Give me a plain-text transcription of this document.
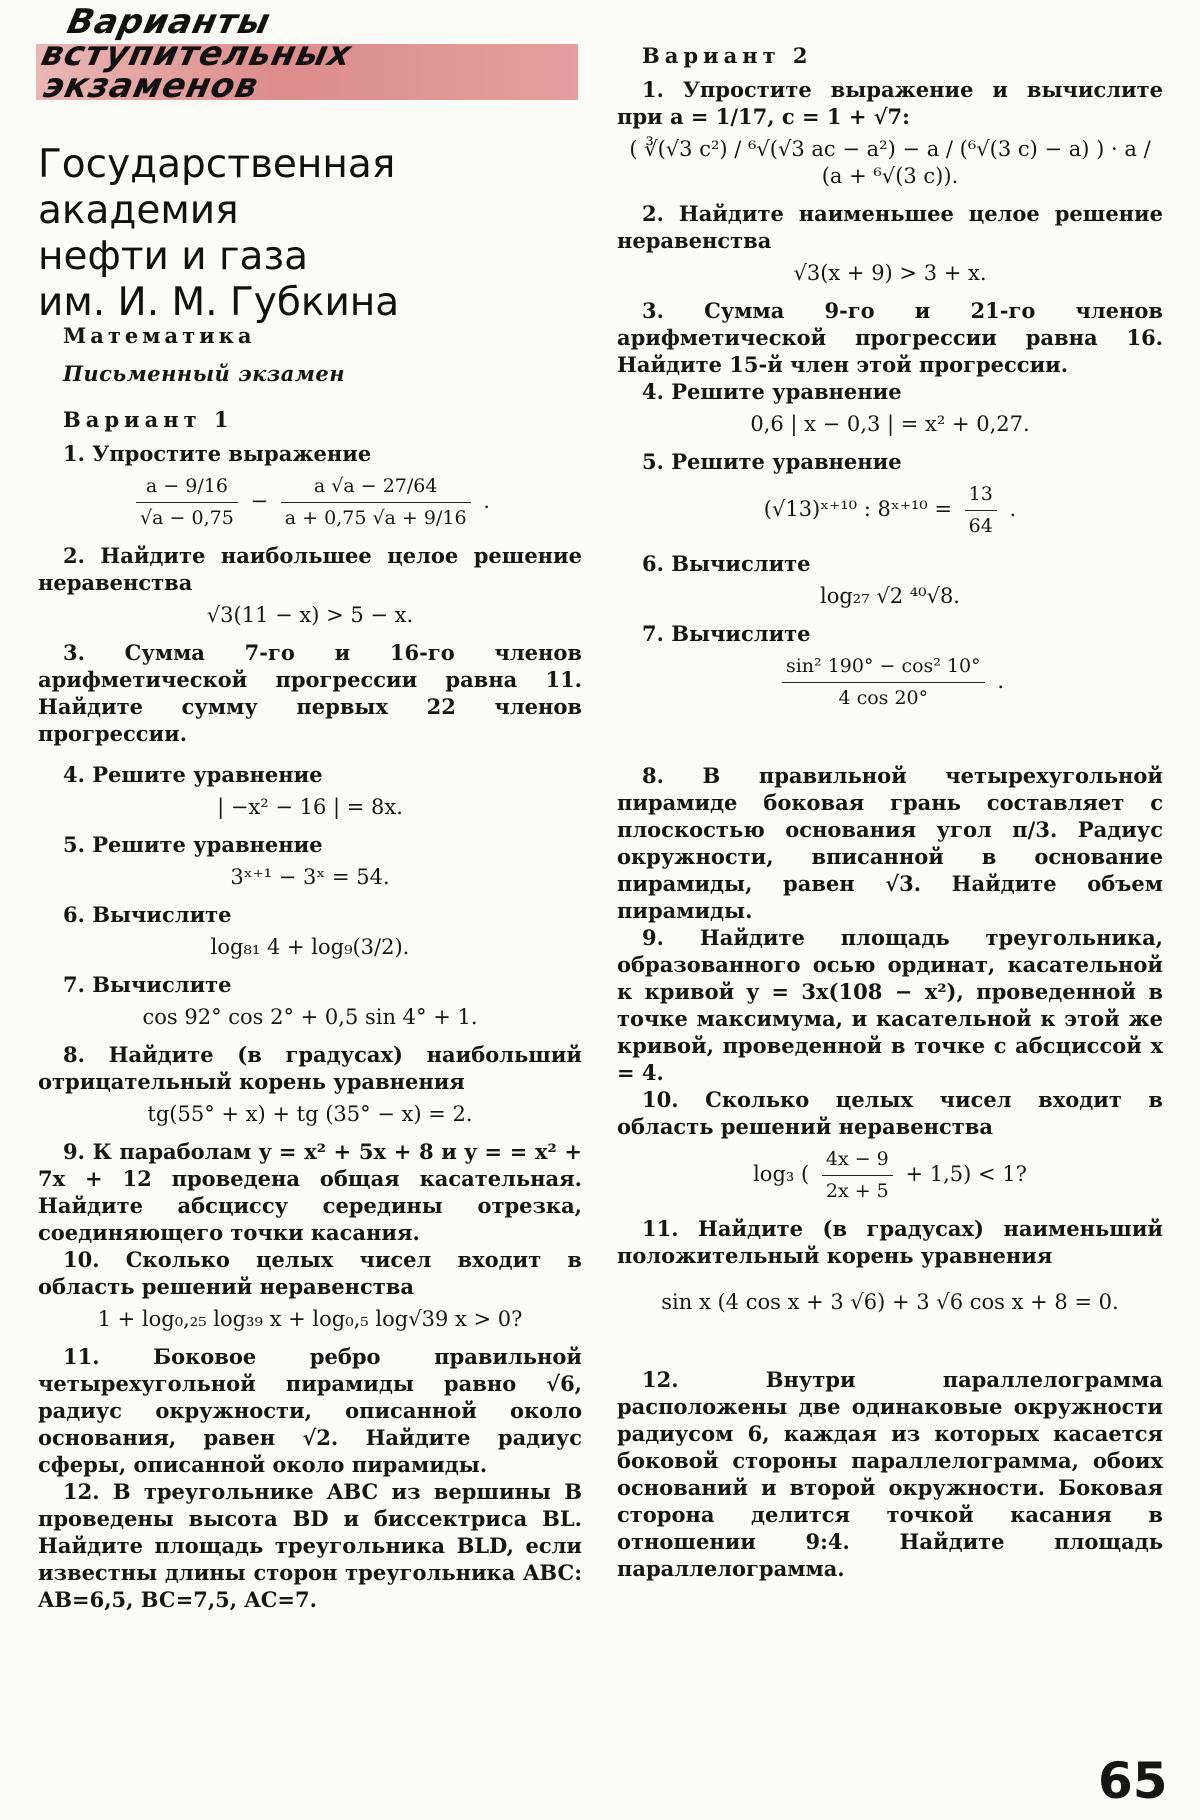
Варианты
вступительных
экзаменов
Государственная академия
нефти и газа
им. И. М. Губкина
Математика
Письменный экзамен
Вариант 1

1. Упростите выражение

$\frac{a - 9/16}{√a - 0,75} - \frac{a √a - 27/64}{a + 0,75 √a + 9/16}$ .

2. Найдите наибольшее целое решение неравенства

√3(11 − x) > 5 − x.

3. Сумма 7-го и 16-го членов арифметической прогрессии равна 11. Найдите сумму первых 22 членов прогрессии.

4. Решите уравнение

| −x² − 16 | = 8x.

5. Решите уравнение

3ˣ⁺¹ − 3ˣ = 54.

6. Вычислите

log₈₁ 4 + log₉(3/2).

7. Вычислите

cos 92° cos 2° + 0,5 sin 4° + 1.

8. Найдите (в градусах) наибольший отрицательный корень уравнения

tg(55° + x) + tg (35° − x) = 2.

9. К параболам y = x² + 5x + 8 и y = = x² + 7x + 12 проведена общая касательная. Найдите абсциссу середины отрезка, соединяющего точки касания.

10. Сколько целых чисел входит в область решений неравенства

1 + log₀,₂₅ log₃₉ x + log₀,₅ log√39 x > 0?

11. Боковое ребро правильной четырехугольной пирамиды равно √6, радиус окружности, описанной около основания, равен √2. Найдите радиус сферы, описанной около пирамиды.

12. В треугольнике ABC из вершины B проведены высота BD и биссектриса BL. Найдите площадь треугольника BLD, если известны длины сторон треугольника ABC: AB=6,5, BC=7,5, AC=7.

Вариант 2

1. Упростите выражение и вычислите при a = 1/17, c = 1 + √7:

( ∛(√3 c²) / ⁶√(√3 ac − a²) − a / (⁶√(3 c) − a) ) · a / (a + ⁶√(3 c)).

2. Найдите наименьшее целое решение неравенства

√3(x + 9) > 3 + x.

3. Сумма 9-го и 21-го членов арифметической прогрессии равна 16. Найдите 15-й член этой прогрессии.

4. Решите уравнение

0,6 | x − 0,3 | = x² + 0,27.

5. Решите уравнение

(√13)ˣ⁺¹⁰ : 8ˣ⁺¹⁰ = $\frac{13}{64}$ .

6. Вычислите

log₂₇ √2 ⁴⁰√8.

7. Вычислите

$\frac{\text{sin² 190° − cos² 10°}}{4 \cos 20^\circ}$ .

8. В правильной четырехугольной пирамиде боковая грань составляет с плоскостью основания угол π/3. Радиус окружности, вписанной в основание пирамиды, равен √3. Найдите объем пирамиды.

9. Найдите площадь треугольника, образованного осью ординат, касательной к кривой y = 3x(108 − x²), проведенной в точке максимума, и касательной к этой же кривой, проведенной в точке с абсциссой x = 4.

10. Сколько целых чисел входит в область решений неравенства

log₃ ( $\frac{4x - 9}{2x + 5} + 1,5) < 1$?

11. Найдите (в градусах) наименьший положительный корень уравнения

sin x (4 cos x + 3 √6) + 3 √6 cos x + 8 = 0.

12. Внутри параллелограмма расположены две одинаковые окружности радиусом 6, каждая из которых касается боковой стороны параллелограмма, обоих оснований и второй окружности. Боковая сторона делится точкой касания в отношении 9:4. Найдите площадь параллелограмма.

65
